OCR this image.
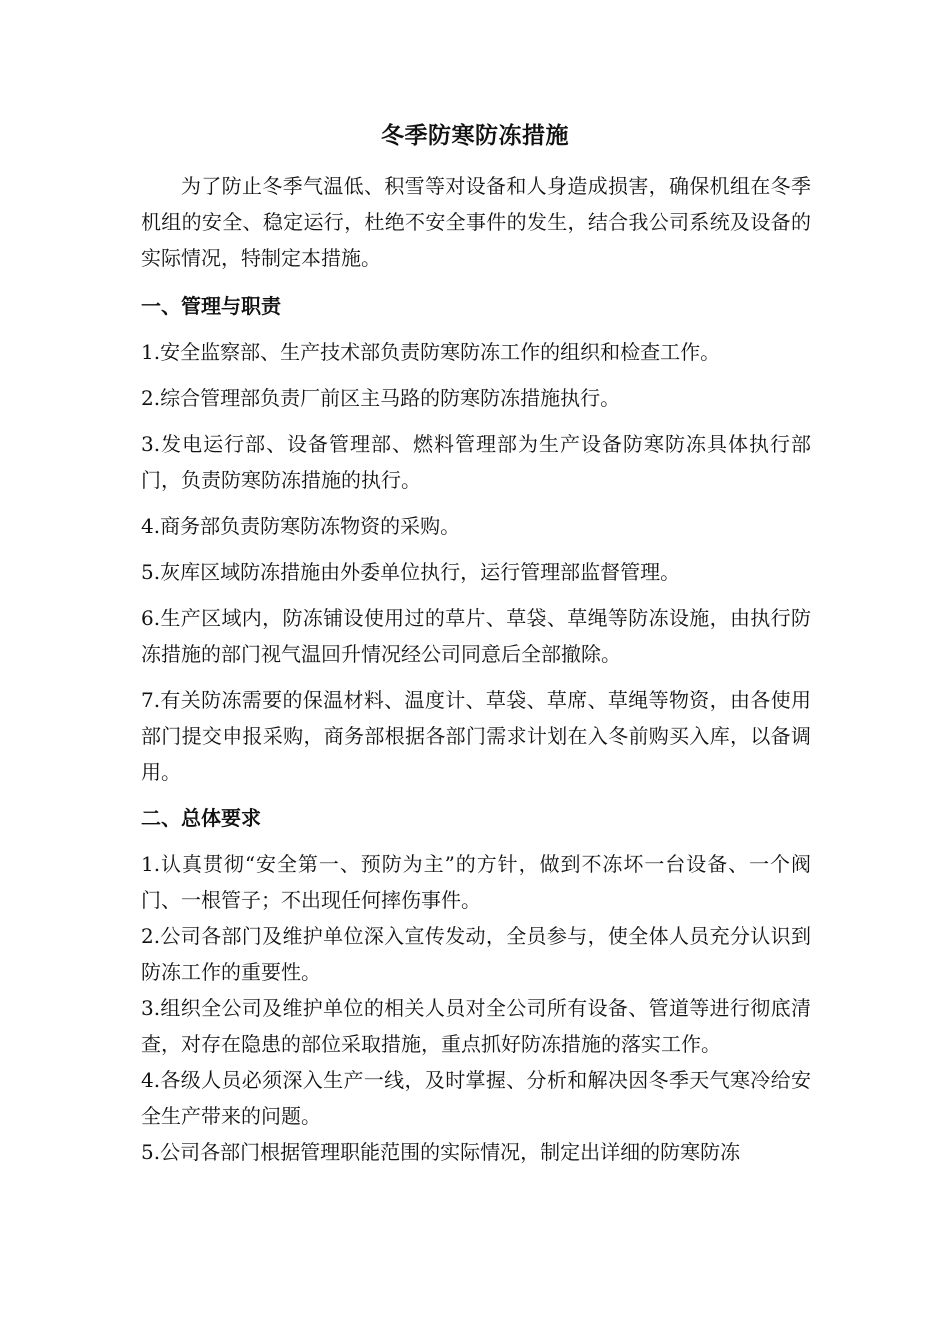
冬季防寒防冻措施

为了防止冬季气温低、积雪等对设备和人身造成损害，确保机组在冬季机组的安全、稳定运行，杜绝不安全事件的发生，结合我公司系统及设备的实际情况，特制定本措施。

一、管理与职责

1.安全监察部、生产技术部负责防寒防冻工作的组织和检查工作。

2.综合管理部负责厂前区主马路的防寒防冻措施执行。

3.发电运行部、设备管理部、燃料管理部为生产设备防寒防冻具体执行部门，负责防寒防冻措施的执行。

4.商务部负责防寒防冻物资的采购。

5.灰库区域防冻措施由外委单位执行，运行管理部监督管理。

6.生产区域内，防冻铺设使用过的草片、草袋、草绳等防冻设施，由执行防冻措施的部门视气温回升情况经公司同意后全部撤除。

7.有关防冻需要的保温材料、温度计、草袋、草席、草绳等物资，由各使用部门提交申报采购，商务部根据各部门需求计划在入冬前购买入库，以备调用。

二、总体要求

1.认真贯彻“安全第一、预防为主”的方针，做到不冻坏一台设备、一个阀门、一根管子；不出现任何摔伤事件。

2.公司各部门及维护单位深入宣传发动，全员参与，使全体人员充分认识到防冻工作的重要性。

3.组织全公司及维护单位的相关人员对全公司所有设备、管道等进行彻底清查，对存在隐患的部位采取措施，重点抓好防冻措施的落实工作。

4.各级人员必须深入生产一线，及时掌握、分析和解决因冬季天气寒冷给安全生产带来的问题。

5.公司各部门根据管理职能范围的实际情况，制定出详细的防寒防冻
